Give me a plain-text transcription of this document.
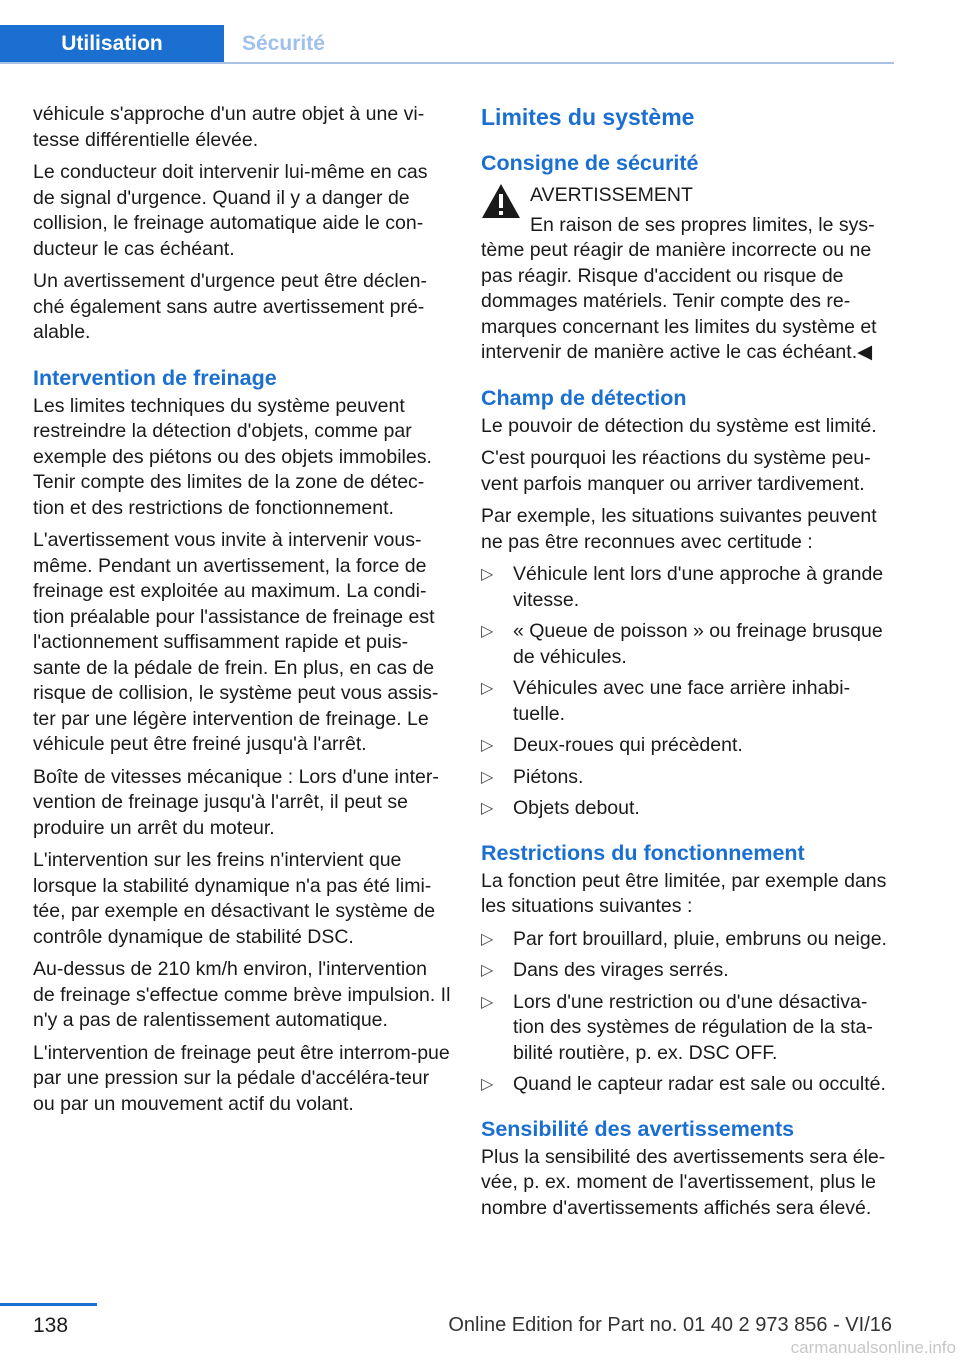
Utilisation	Sécurité

véhicule s'approche d'un autre objet à une vi‐tesse différentielle élevée.

Le conducteur doit intervenir lui-même en cas de signal d'urgence. Quand il y a danger de collision, le freinage automatique aide le con‐ducteur le cas échéant.

Un avertissement d'urgence peut être déclen‐ché également sans autre avertissement pré‐alable.

Intervention de freinage

Les limites techniques du système peuvent restreindre la détection d'objets, comme par exemple des piétons ou des objets immobiles. Tenir compte des limites de la zone de détec‐tion et des restrictions de fonctionnement.

L'avertissement vous invite à intervenir vous-même. Pendant un avertissement, la force de freinage est exploitée au maximum. La condi‐tion préalable pour l'assistance de freinage est l'actionnement suffisamment rapide et puis‐sante de la pédale de frein. En plus, en cas de risque de collision, le système peut vous assis‐ter par une légère intervention de freinage. Le véhicule peut être freiné jusqu'à l'arrêt.

Boîte de vitesses mécanique : Lors d'une inter‐vention de freinage jusqu'à l'arrêt, il peut se produire un arrêt du moteur.

L'intervention sur les freins n'intervient que lorsque la stabilité dynamique n'a pas été limi‐tée, par exemple en désactivant le système de contrôle dynamique de stabilité DSC.

Au-dessus de 210 km/h environ, l'intervention de freinage s'effectue comme brève impulsion. Il n'y a pas de ralentissement automatique.

L'intervention de freinage peut être interrom‐pue par une pression sur la pédale d'accéléra‐teur ou par un mouvement actif du volant.

Limites du système
Consigne de sécurité

AVERTISSEMENT

En raison de ses propres limites, le sys‐tème peut réagir de manière incorrecte ou ne pas réagir. Risque d'accident ou risque de dommages matériels. Tenir compte des re‐marques concernant les limites du système et intervenir de manière active le cas échéant.◀

Champ de détection

Le pouvoir de détection du système est limité.

C'est pourquoi les réactions du système peu‐vent parfois manquer ou arriver tardivement.

Par exemple, les situations suivantes peuvent ne pas être reconnues avec certitude :

▷ Véhicule lent lors d'une approche à grande vitesse.
▷ « Queue de poisson » ou freinage brusque de véhicules.
▷ Véhicules avec une face arrière inhabi‐tuelle.
▷ Deux-roues qui précèdent.
▷ Piétons.
▷ Objets debout.
Restrictions du fonctionnement

La fonction peut être limitée, par exemple dans les situations suivantes :

▷ Par fort brouillard, pluie, embruns ou neige.
▷ Dans des virages serrés.
▷ Lors d'une restriction ou d'une désactiva‐tion des systèmes de régulation de la sta‐bilité routière, p. ex. DSC OFF.
▷ Quand le capteur radar est sale ou occulté.
Sensibilité des avertissements

Plus la sensibilité des avertissements sera éle‐vée, p. ex. moment de l'avertissement, plus le nombre d'avertissements affichés sera élevé.

138	Online Edition for Part no. 01 40 2 973 856 - VI/16
carmanualsonline.info
